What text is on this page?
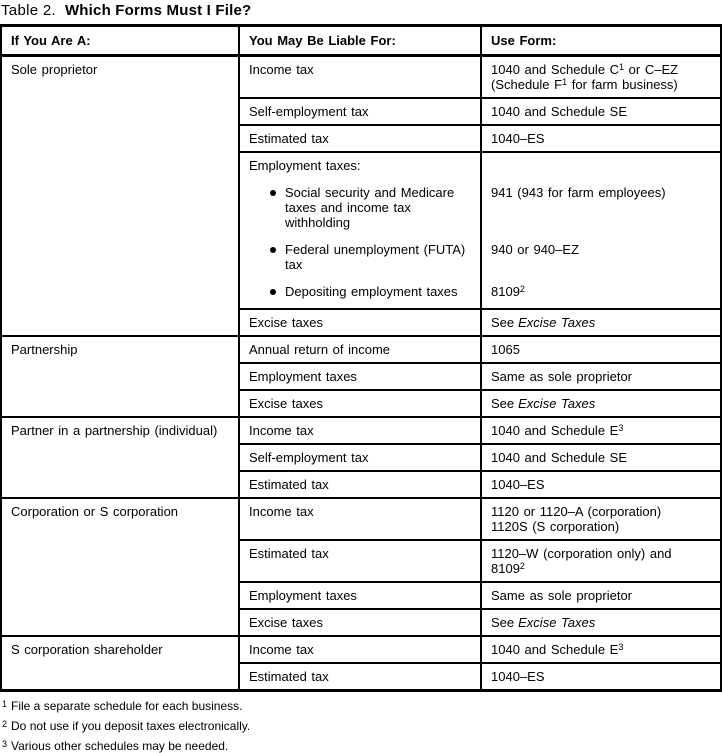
Table 2. Which Forms Must I File?
If You Are A:	You May Be Liable For:	Use Form:
Sole proprietor	Income tax	1040 and Schedule $C^1$ or C–EZ
(Schedule $F^1$ for farm business)

	Self-employment tax	1040 and Schedule SE
	Estimated tax	1040–ES
	Employment taxes:	

	Social security and Medicare taxes and income tax withholding	941 (943 for farm employees)

	Federal unemployment (FUTA) tax	940 or 940–EZ

	Depositing employment taxes	8109$^2$
	Excise taxes	See Excise Taxes
Partnership	Annual return of income	1065
	Employment taxes	Same as sole proprietor
	Excise taxes	See Excise Taxes
Partner in a partnership (individual)	Income tax	1040 and Schedule $E^3$
	Self-employment tax	1040 and Schedule SE
	Estimated tax	1040–ES
Corporation or S corporation	Income tax	1120 or 1120–A (corporation)
1120S (S corporation)

	Estimated tax	1120–W (corporation only) and
8109$^2$

	Employment taxes	Same as sole proprietor
	Excise taxes	See Excise Taxes
S corporation shareholder	Income tax	1040 and Schedule $E^3$
	Estimated tax	1040–ES
$^1$ File a separate schedule for each business.
$^2$ Do not use if you deposit taxes electronically.
$^3$ Various other schedules may be needed.
